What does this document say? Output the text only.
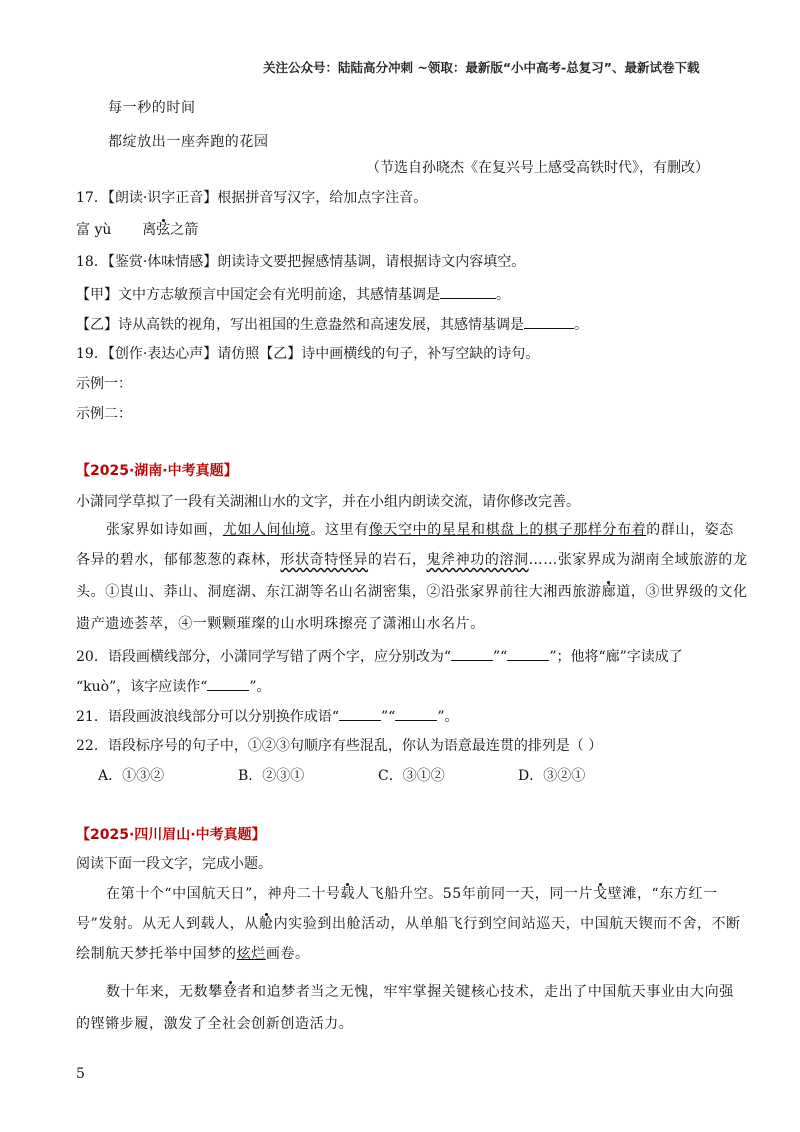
关注公众号：陆陆高分冲刺 ~领取：最新版“小中高考-总复习”、最新试卷下载
每一秒的时间
都绽放出一座奔跑的花园
（节选自孙晓杰《在复兴号上感受高铁时代》，有删改）
17．【朗读·识字正音】根据拼音写汉字，给加点字注音。
富 yù 离弦之箭
18．【鉴赏·体味情感】朗读诗文要把握感情基调，请根据诗文内容填空。
【甲】文中方志敏预言中国定会有光明前途，其感情基调是	。
【乙】诗从高铁的视角，写出祖国的生意盎然和高速发展，其感情基调是	。
19．【创作·表达心声】请仿照【乙】诗中画横线的句子，补写空缺的诗句。
示例一：
示例二：
【2025·湖南·中考真题】
小潇同学草拟了一段有关湖湘山水的文字，并在小组内朗读交流，请你修改完善。
张家界如诗如画，尤如人间仙境。这里有像天空中的星星和棋盘上的棋子那样分布着的群山，姿态
各异的碧水，郁郁葱葱的森林，形状奇特怪异的岩石，鬼斧神功的溶洞……张家界成为湖南全域旅游的龙
头。①崀山、莽山、洞庭湖、东江湖等名山名湖密集，②沿张家界前往大湘西旅游廊道，③世界级的文化
遗产遗迹荟萃，④一颗颗璀璨的山水明珠擦亮了潇湘山水名片。
20．语段画横线部分，小潇同学写错了两个字，应分别改为“	”“	”；他将“廊”字读成了
“kuò”，该字应读作“	”。
21．语段画波浪线部分可以分别换作成语“	”“	”。
22．语段标序号的句子中，①②③句顺序有些混乱，你认为语意最连贯的排列是（ ）
A．①③②	B．②③①	C．③①②	D．③②①
【2025·四川眉山·中考真题】
阅读下面一段文字，完成小题。
在第十个“中国航天日”，神舟二十号载人飞船升空。55年前同一天，同一片戈壁滩，“东方红一
号”发射。从无人到载人，从舱内实验到出舱活动，从单船飞行到空间站巡天，中国航天锲而不舍，不断
绘制航天梦托举中国梦的炫烂画卷。
数十年来，无数攀登者和追梦者当之无愧，牢牢掌握关键核心技术，走出了中国航天事业由大向强
的铿锵步履，激发了全社会创新创造活力。
5
